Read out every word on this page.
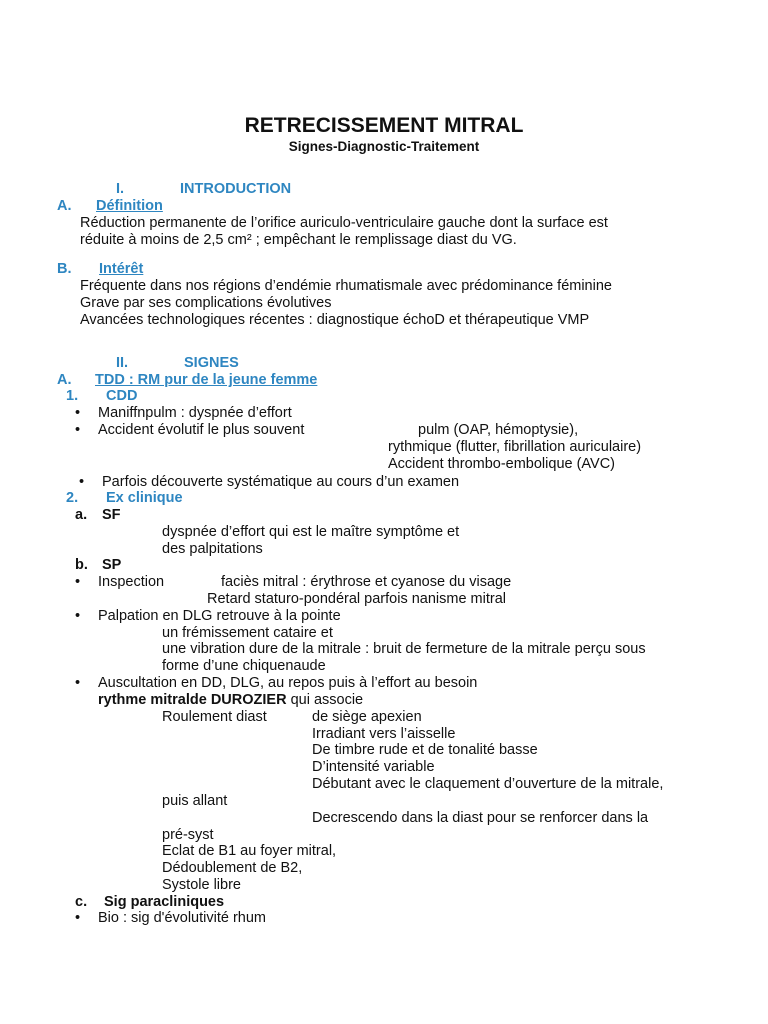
RETRECISSEMENT MITRAL
Signes-Diagnostic-Traitement
I.	INTRODUCTION
A. Définition
Réduction permanente de l’orifice auriculo-ventriculaire gauche dont la surface est
réduite à moins de 2,5 cm² ; empêchant le remplissage diast du VG.
B. Intérêt
Fréquente dans nos régions d’endémie rhumatismale avec prédominance féminine
Grave par ses complications évolutives
Avancées technologiques récentes : diagnostique échoD et thérapeutique VMP
II.	SIGNES
A. TDD : RM pur de la jeune femme
1. CDD
• Maniffnpulm : dyspnée d’effort
• Accident évolutif le plus souvent	pulm (OAP, hémoptysie),
rythmique (flutter, fibrillation auriculaire)
Accident thrombo-embolique (AVC)
• Parfois découverte systématique au cours d’un examen
2. Ex clinique
a. SF
dyspnée d’effort qui est le maître symptôme et
des palpitations
b. SP
• Inspection	faciès mitral : érythrose et cyanose du visage
Retard staturo-pondéral parfois nanisme mitral
• Palpation en DLG retrouve à la pointe
un frémissement cataire et
une vibration dure de la mitrale : bruit de fermeture de la mitrale perçu sous
forme d’une chiquenaude
• Auscultation en DD, DLG, au repos puis à l’effort au besoin
rythme mitralde DUROZIER qui associe
Roulement diast	de siège apexien
Irradiant vers l’aisselle
De timbre rude et de tonalité basse
D’intensité variable
Débutant avec le claquement d’ouverture de la mitrale,
puis allant
Decrescendo dans la diast pour se renforcer dans la
pré-syst
Eclat de B1 au foyer mitral,
Dédoublement de B2,
Systole libre
c. Sig paracliniques
• Bio : sig d'évolutivité rhum
